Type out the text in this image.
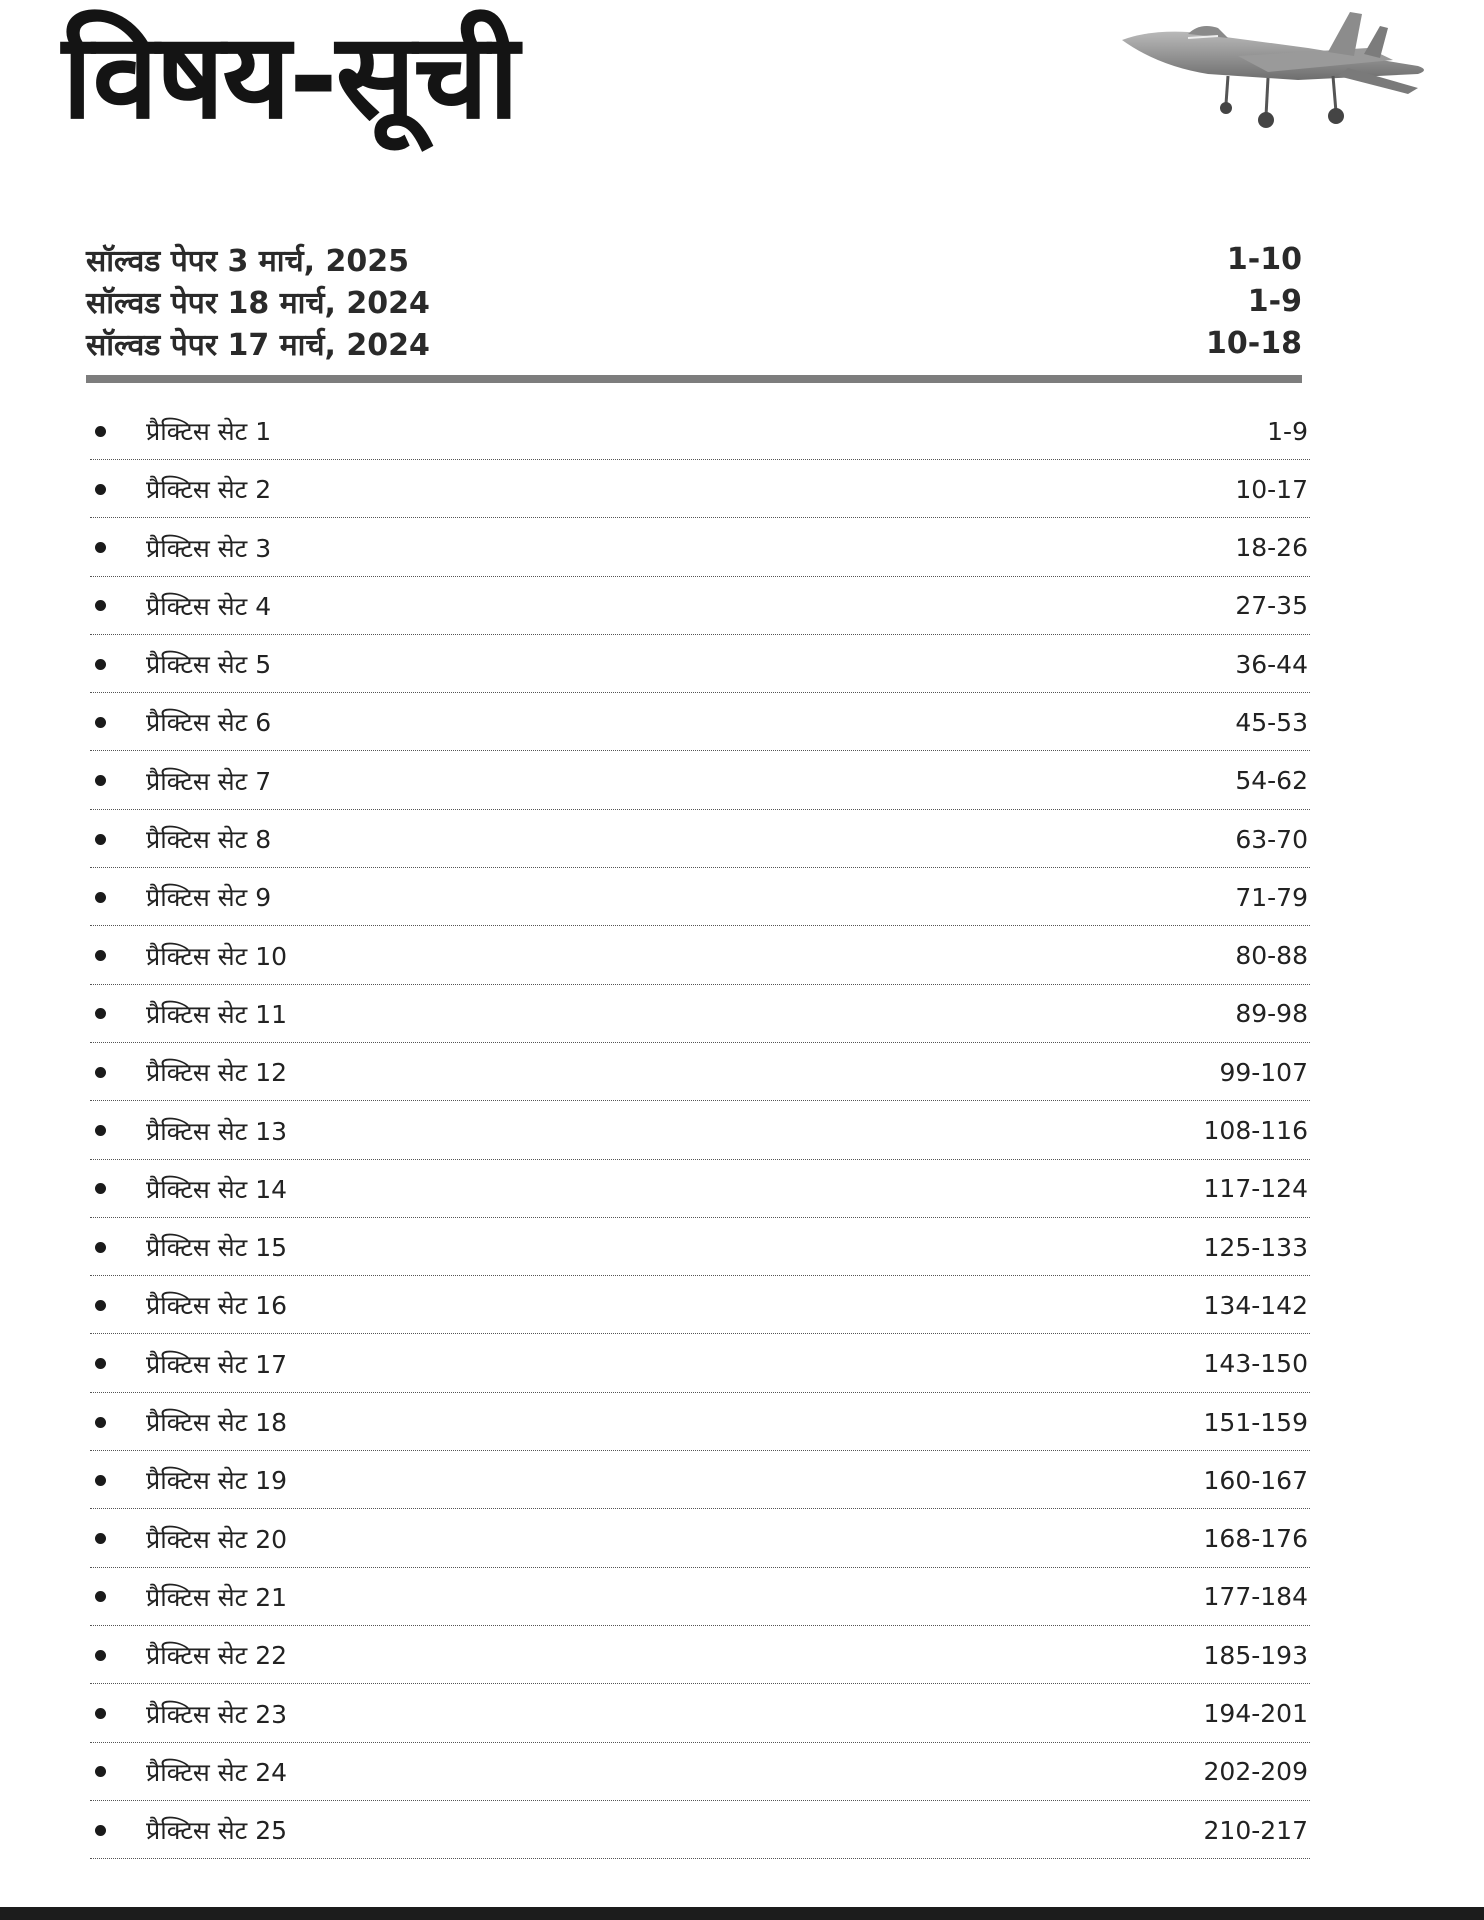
विषय-सूची
सॉल्वड पेपर 3 मार्च, 2025	1-10
सॉल्वड पेपर 18 मार्च, 2024	1-9
सॉल्वड पेपर 17 मार्च, 2024	10-18
प्रैक्टिस सेट 1	1-9
प्रैक्टिस सेट 2	10-17
प्रैक्टिस सेट 3	18-26
प्रैक्टिस सेट 4	27-35
प्रैक्टिस सेट 5	36-44
प्रैक्टिस सेट 6	45-53
प्रैक्टिस सेट 7	54-62
प्रैक्टिस सेट 8	63-70
प्रैक्टिस सेट 9	71-79
प्रैक्टिस सेट 10	80-88
प्रैक्टिस सेट 11	89-98
प्रैक्टिस सेट 12	99-107
प्रैक्टिस सेट 13	108-116
प्रैक्टिस सेट 14	117-124
प्रैक्टिस सेट 15	125-133
प्रैक्टिस सेट 16	134-142
प्रैक्टिस सेट 17	143-150
प्रैक्टिस सेट 18	151-159
प्रैक्टिस सेट 19	160-167
प्रैक्टिस सेट 20	168-176
प्रैक्टिस सेट 21	177-184
प्रैक्टिस सेट 22	185-193
प्रैक्टिस सेट 23	194-201
प्रैक्टिस सेट 24	202-209
प्रैक्टिस सेट 25	210-217
